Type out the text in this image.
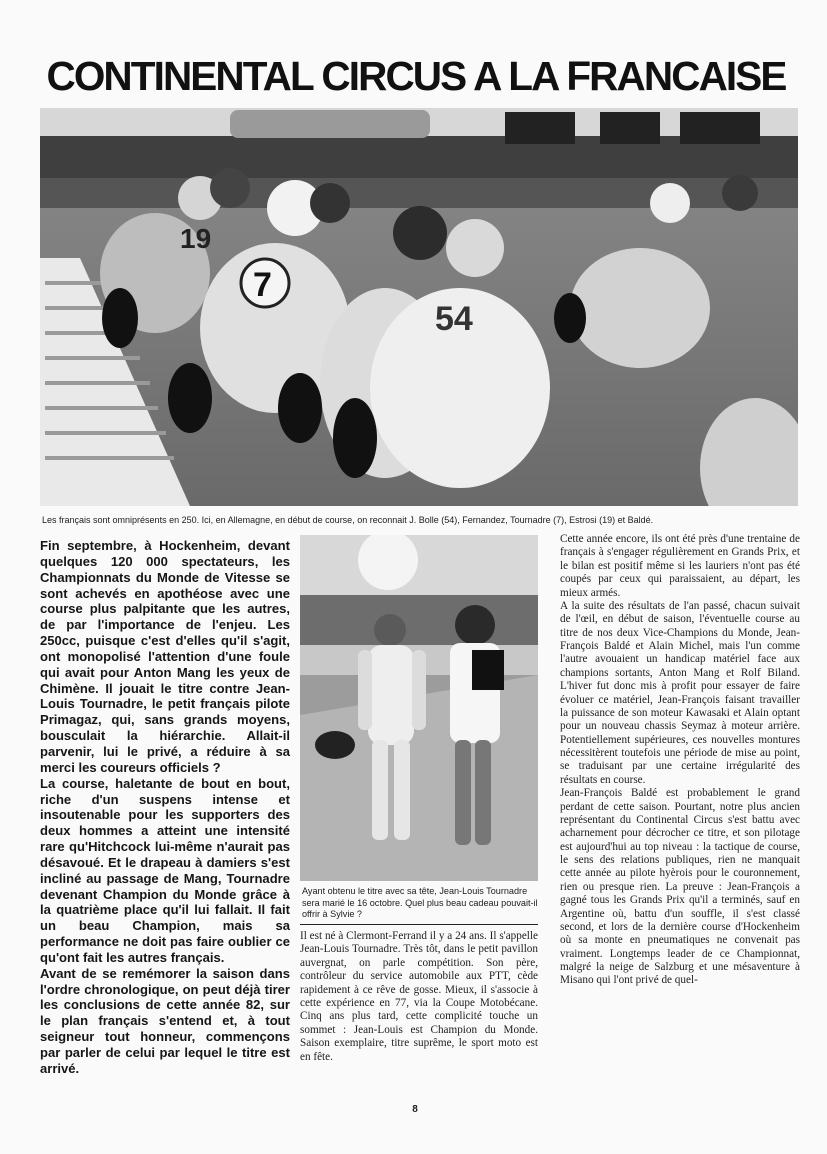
CONTINENTAL CIRCUS A LA FRANCAISE
19
7
54

Les français sont omniprésents en 250. Ici, en Allemagne, en début de course, on reconnait J. Bolle (54), Fernandez, Tournadre (7), Estrosi (19) et Baldé.

Fin septembre, à Hockenheim, devant quelques 120 000 spectateurs, les Championnats du Monde de Vitesse se sont achevés en apothéose avec une course plus palpitante que les autres, de par l'importance de l'enjeu. Les 250cc, puisque c'est d'elles qu'il s'agit, ont monopolisé l'attention d'une foule qui avait pour Anton Mang les yeux de Chimène. Il jouait le titre contre Jean-Louis Tournadre, le petit français pilote Primagaz, qui, sans grands moyens, bousculait la hiérarchie. Allait-il parvenir, lui le privé, a réduire à sa merci les coureurs officiels ?

La course, haletante de bout en bout, riche d'un suspens intense et insoutenable pour les supporters des deux hommes a atteint une intensité rare qu'Hitchcock lui-même n'aurait pas désavoué. Et le drapeau à damiers s'est incliné au passage de Mang, Tournadre devenant Champion du Monde grâce à la quatrième place qu'il lui fallait. Il fait un beau Champion, mais sa performance ne doit pas faire oublier ce qu'ont fait les autres français.

Avant de se remémorer la saison dans l'ordre chronologique, on peut déjà tirer les conclusions de cette année 82, sur le plan français s'entend et, à tout seigneur tout honneur, commençons par parler de celui par lequel le titre est arrivé.

Ayant obtenu le titre avec sa tête, Jean-Louis Tournadre sera marié le 16 octobre. Quel plus beau cadeau pouvait-il offrir à Sylvie ?

Il est né à Clermont-Ferrand il y a 24 ans. Il s'appelle Jean-Louis Tournadre. Très tôt, dans le petit pavillon auvergnat, on parle compétition. Son père, contrôleur du service automobile aux PTT, cède rapidement à ce rêve de gosse. Mieux, il s'associe à cette expérience en 77, via la Coupe Motobécane. Cinq ans plus tard, cette complicité touche un sommet : Jean-Louis est Champion du Monde. Saison exemplaire, titre suprême, le sport moto est en fête.

Cette année encore, ils ont été près d'une trentaine de français à s'engager régulièrement en Grands Prix, et le bilan est positif même si les lauriers n'ont pas été coupés par ceux qui paraissaient, au départ, les mieux armés.

A la suite des résultats de l'an passé, chacun suivait de l'œil, en début de saison, l'éventuelle course au titre de nos deux Vice-Champions du Monde, Jean-François Baldé et Alain Michel, mais l'un comme l'autre avouaient un handicap matériel face aux champions sortants, Anton Mang et Rolf Biland. L'hiver fut donc mis à profit pour essayer de faire évoluer ce matériel, Jean-François faisant travailler la puissance de son moteur Kawasaki et Alain optant pour un nouveau chassis Seymaz à moteur arrière. Potentiellement supérieures, ces nouvelles montures nécessitèrent toutefois une période de mise au point, se traduisant par une certaine irrégularité des résultats en course.

Jean-François Baldé est probablement le grand perdant de cette saison. Pourtant, notre plus ancien représentant du Continental Circus s'est battu avec acharnement pour décrocher ce titre, et son pilotage est aujourd'hui au top niveau : la tactique de course, le sens des relations publiques, rien ne manquait cette année au pilote hyèrois pour le couronnement, rien ou presque rien. La preuve : Jean-François a gagné tous les Grands Prix qu'il a terminés, sauf en Argentine où, battu d'un souffle, il s'est classé second, et lors de la dernière course d'Hockenheim où sa monte en pneumatiques ne convenait pas vraiment. Longtemps leader de ce Championnat, malgré la neige de Salzburg et une mésaventure à Misano qui l'ont privé de quel-

8
